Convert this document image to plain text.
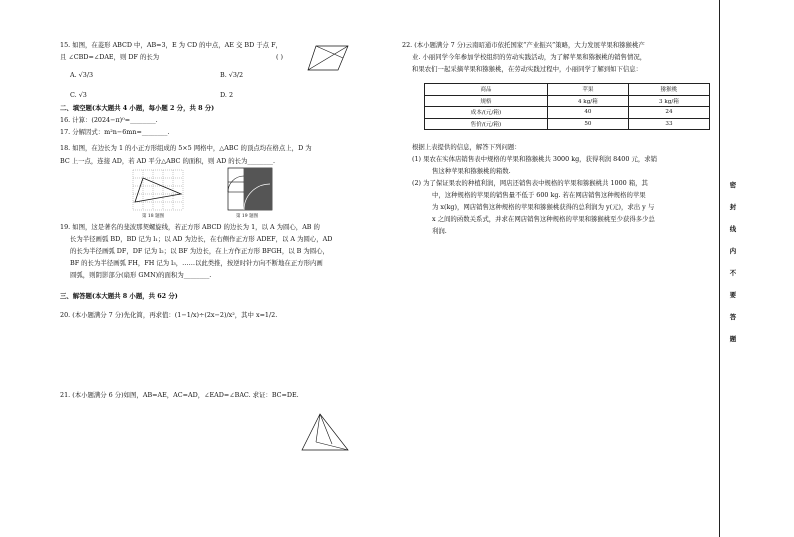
15. 如图，在菱形 ABCD 中，AB=3，E 为 CD 的中点，AE 交 BD 于点 F，
且 ∠CBD=∠DAE，则 DF 的长为	( )
A. √3/3	B. √3/2
C. √3	D. 2
二、填空题(本大题共 4 小题，每小题 2 分，共 8 分)
16. 计算：(2024−π)⁰=________.
17. 分解因式：m²n−6mn=________.
18. 如图，在边长为 1 的小正方形组成的 5×5 网格中，△ABC 的顶点均在格点上，D 为
BC 上一点，连接 AD，若 AD 平分△ABC 的面积，则 AD 的长为________.
第 18 题图	第 19 题图
19. 如图，这是著名的斐波那契螺旋线，若正方形 ABCD 的边长为 1，以 A 为圆心，AB 的
长为半径画弧 BD，BD 记为 l₁；以 AD 为边长，在右侧作正方形 ADEF，以 A 为圆心，AD
的长为半径画弧 DF，DF 记为 l₂；以 BF 为边长，在上方作正方形 BFGH，以 B 为圆心，
BF 的长为半径画弧 FH，FH 记为 l₃，……以此类推，按逆时针方向不断地在正方形内画
圆弧，则阴影部分(扇形 GMN)的面积为________.
三、解答题(本大题共 8 小题，共 62 分)
20. (本小题满分 7 分)先化简，再求值：(1−1/x)÷(2x−2)/x²，其中 x=1/2.
21. (本小题满分 6 分)如图，AB=AE，AC=AD，∠EAD=∠BAC. 求证：BC=DE.
22. (本小题满分 7 分)云南昭通市依托国家“产业振兴”策略，大力发展苹果和猕猴桃产
业. 小丽同学今年参加学校组织的劳动实践活动，为了解苹果和猕猴桃的销售情况，
和果农们一起采摘苹果和猕猴桃，在劳动实践过程中，小丽同学了解到如下信息：
商品	苹果	猕猴桃
规格	4 kg/箱	3 kg/箱
成本/(元/箱)	40	24
售价/(元/箱)	50	33
根据上表提供的信息，解答下列问题：
(1) 果农在实体店销售表中规格的苹果和猕猴桃共 3000 kg，获得利润 8400 元，求销
售这种苹果和猕猴桃的箱数.
(2) 为了保证果农的种植利润，网店还销售表中规格的苹果和猕猴桃共 1000 箱，其
中，这种规格的苹果的销售量不低于 600 kg. 若在网店销售这种规格的苹果
为 x(kg)，网店销售这种规格的苹果和猕猴桃获得的总利润为 y(元)，求出 y 与
x 之间的函数关系式，并求在网店销售这种规格的苹果和猕猴桃至少获得多少总
利润.
密
封
线
内
不
要
答
题
